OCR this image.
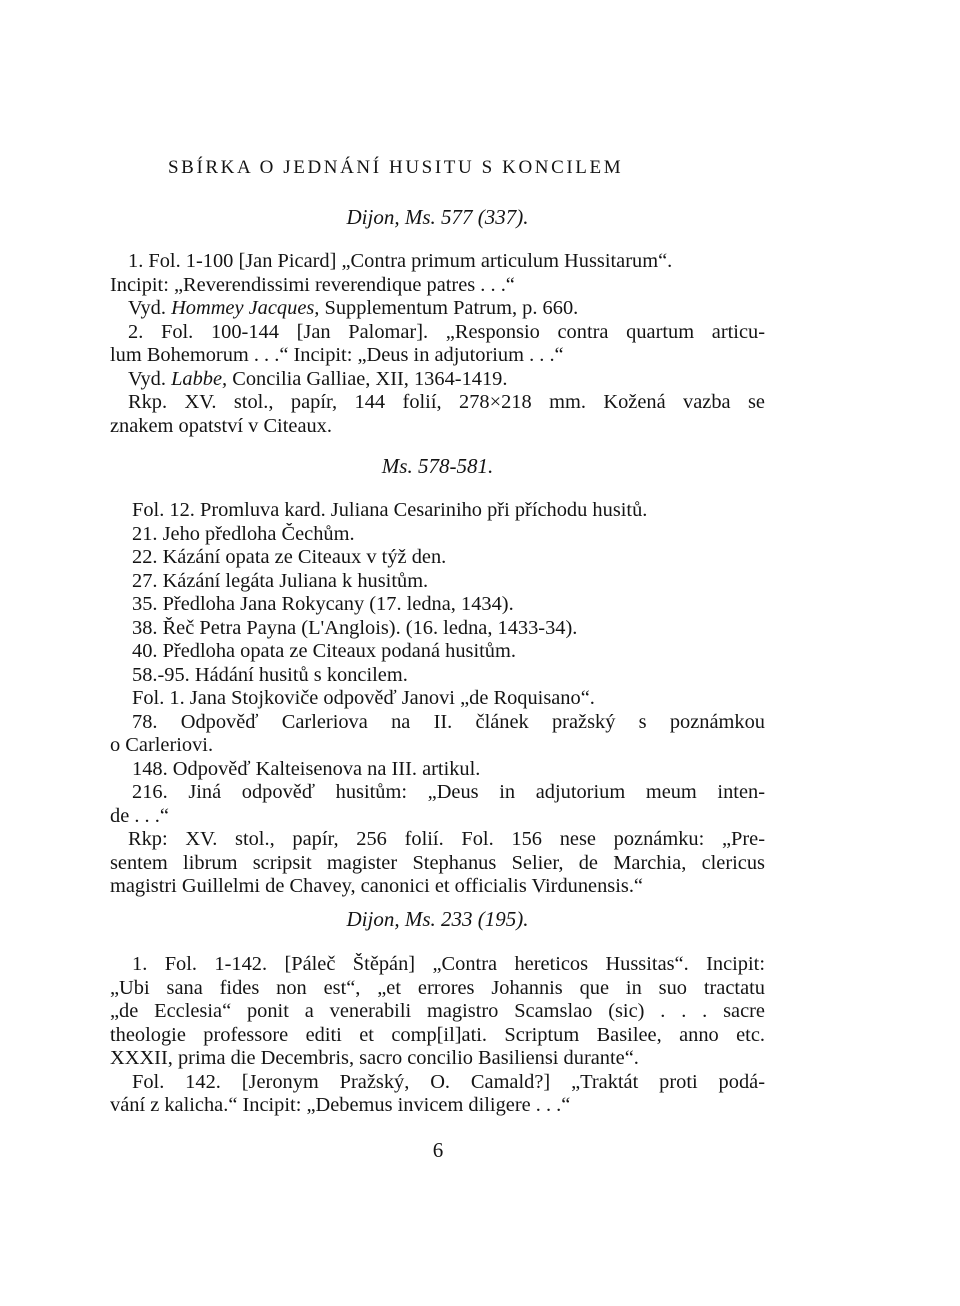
SBÍRKA O JEDNÁNÍ HUSITU S KONCILEM
Dijon, Ms. 577 (337).
1. Fol. 1-100 [Jan Picard] „Contra primum articulum Hussitarum“.
Incipit: „Reverendissimi reverendique patres . . .“
Vyd. Hommey Jacques, Supplementum Patrum, p. 660.
2. Fol. 100-144 [Jan Palomar]. „Responsio contra quartum articu-
lum Bohemorum . . .“ Incipit: „Deus in adjutorium . . .“
Vyd. Labbe, Concilia Galliae, XII, 1364-1419.
Rkp. XV. stol., papír, 144 folií, 278×218 mm. Kožená vazba se
znakem opatství v Citeaux.
Ms. 578-581.
Fol. 12. Promluva kard. Juliana Cesariniho při příchodu husitů.
21. Jeho předloha Čechům.
22. Kázání opata ze Citeaux v týž den.
27. Kázání legáta Juliana k husitům.
35. Předloha Jana Rokycany (17. ledna, 1434).
38. Řeč Petra Payna (L'Anglois). (16. ledna, 1433-34).
40. Předloha opata ze Citeaux podaná husitům.
58.-95. Hádání husitů s koncilem.
Fol. 1. Jana Stojkoviče odpověď Janovi „de Roquisano“.
78. Odpověď Carleriova na II. článek pražský s poznámkou
o Carleriovi.
148. Odpověď Kalteisenova na III. artikul.
216. Jiná odpověď husitům: „Deus in adjutorium meum inten-
de . . .“
Rkp: XV. stol., papír, 256 folií. Fol. 156 nese poznámku: „Pre-
sentem librum scripsit magister Stephanus Selier, de Marchia, clericus
magistri Guillelmi de Chavey, canonici et officialis Virdunensis.“
Dijon, Ms. 233 (195).
1. Fol. 1-142. [Páleč Štěpán] „Contra hereticos Hussitas“. Incipit:
„Ubi sana fides non est“, „et errores Johannis que in suo tractatu
„de Ecclesia“ ponit a venerabili magistro Scamslao (sic) . . . sacre
theologie professore editi et comp[il]ati. Scriptum Basilee, anno etc.
XXXII, prima die Decembris, sacro concilio Basiliensi durante“.
Fol. 142. [Jeronym Pražský, O. Camald?] „Traktát proti podá-
vání z kalicha.“ Incipit: „Debemus invicem diligere . . .“
6
